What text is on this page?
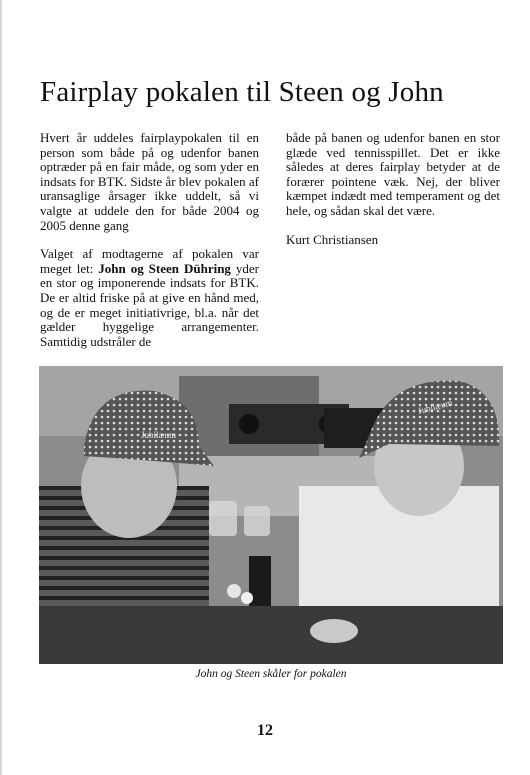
Fairplay pokalen til Steen og John

Hvert år uddeles fairplaypokalen til en person som både på og udenfor banen optræder på en fair måde, og som yder en indsats for BTK. Sidste år blev pokalen af uransaglige årsager ikke uddelt, så vi valgte at uddele den for både 2004 og 2005 denne gang

Valget af modtagerne af pokalen var meget let: John og Steen Dühring yder en stor og imponerende indsats for BTK. De er altid friske på at give en hånd med, og de er meget initiativrige, bl.a. når det gælder hyggelige arrangementer. Samtidig udstråler de

både på banen og udenfor banen en stor glæde ved tennisspillet. Det er ikke således at deres fairplay betyder at de forærer pointene væk. Nej, der bliver kæmpet indædt med temperament og det hele, og sådan skal det være.

Kurt Christiansen

Jubilæum
Jubilæum
John og Steen skåler for pokalen
12
